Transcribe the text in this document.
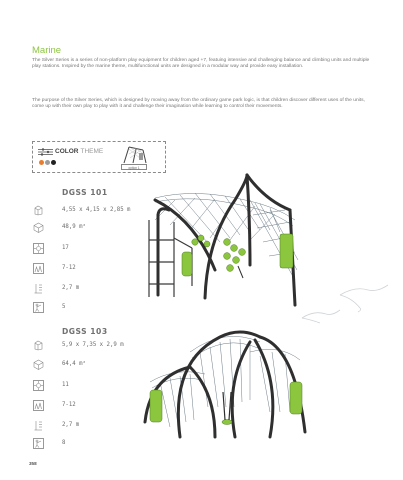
Marine

The Silver Series is a series of non-platform play equipment for children aged +7, featuing intensive and challenging balance and climbing units and multiple play stations. Inspired by the marine theme, multifunctional units are designed in a modular way and provide easy installation.

The purpose of the Silver Series, which is designed by moving away from the ordinary game park logic, is that children discover different uses of the units, come up with their own play to play with it and challenge their imagination while learning to control their movements.

COLOR THEME
option 1
DGSS 101
4,55 x 4,15 x 2,85 m
48,9 m²
17
7-12
2,7 m
5
DGSS 103
5,9 x 7,35 x 2,9 m
64,4 m²
11
7-12
2,7 m
8
358
